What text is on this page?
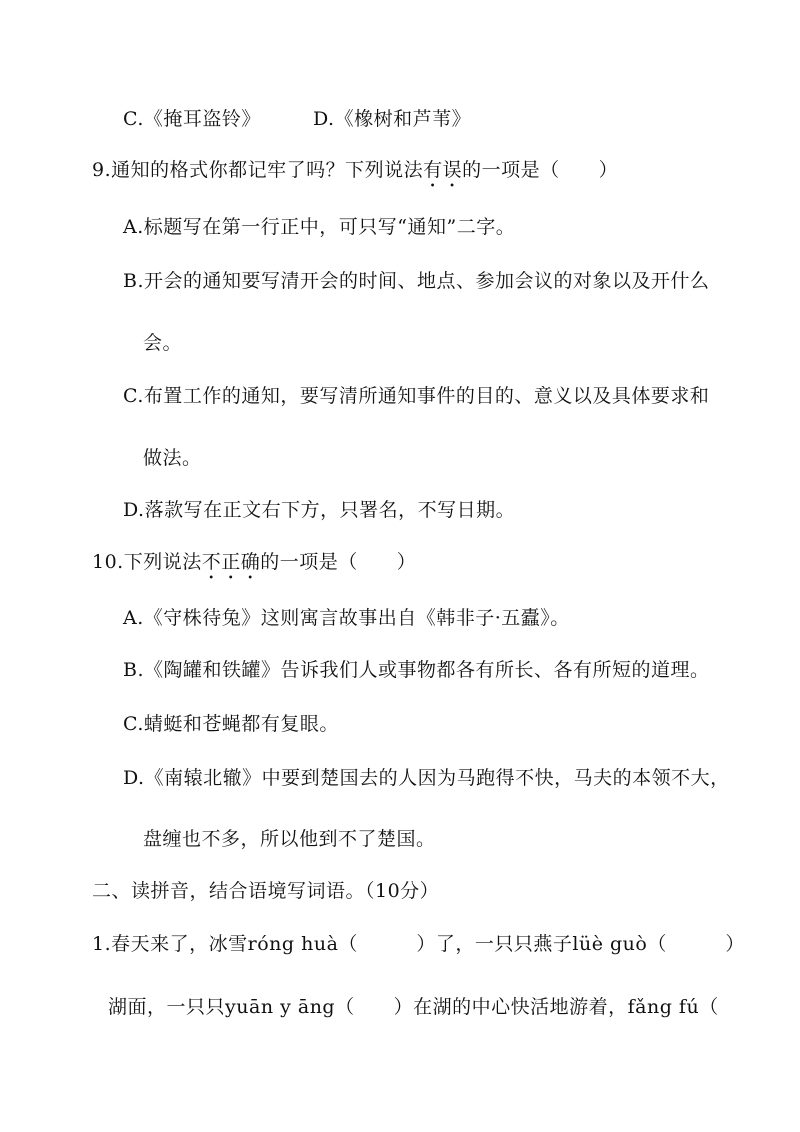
C.《掩耳盗铃》	D.《橡树和芦苇》
9.通知的格式你都记牢了吗？下列说法有误的一项是（　　）
A.标题写在第一行正中，可只写“通知”二字。
B.开会的通知要写清开会的时间、地点、参加会议的对象以及开什么
会。
C.布置工作的通知，要写清所通知事件的目的、意义以及具体要求和
做法。
D.落款写在正文右下方，只署名，不写日期。
10.下列说法不正确的一项是（　　）
A.《守株待兔》这则寓言故事出自《韩非子·五蠹》。
B.《陶罐和铁罐》告诉我们人或事物都各有所长、各有所短的道理。
C.蜻蜓和苍蝇都有复眼。
D.《南辕北辙》中要到楚国去的人因为马跑得不快，马夫的本领不大，
盘缠也不多，所以他到不了楚国。
二、读拼音，结合语境写词语。（10分）
1.春天来了，冰雪róng huà（　　　）了，一只只燕子lüè guò（　　　）
湖面，一只只yuān y āng（　　）在湖的中心快活地游着，fǎng fú（
